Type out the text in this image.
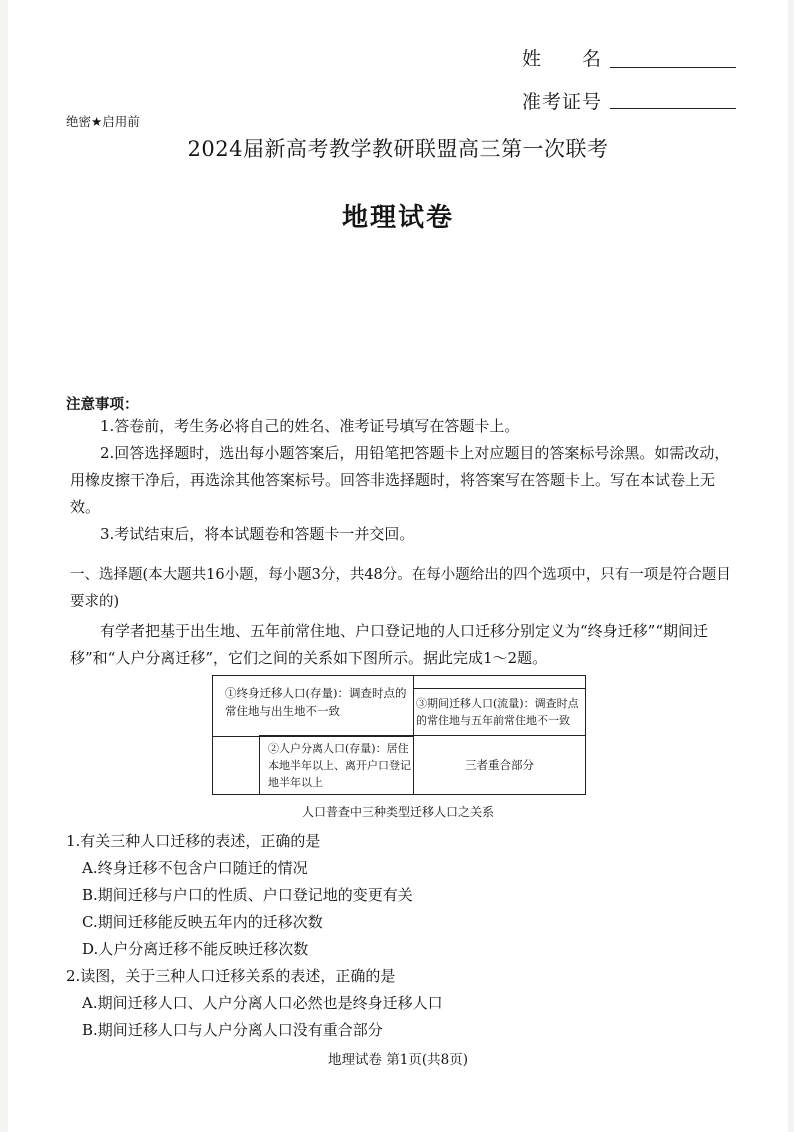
姓　　名
准考证号
绝密★启用前
2024届新高考教学教研联盟高三第一次联考
地理试卷
注意事项：
1.答卷前，考生务必将自己的姓名、准考证号填写在答题卡上。
2.回答选择题时，选出每小题答案后，用铅笔把答题卡上对应题目的答案标号涂黑。如需改动，用橡皮擦干净后，再选涂其他答案标号。回答非选择题时，将答案写在答题卡上。写在本试卷上无效。
3.考试结束后，将本试题卷和答题卡一并交回。
一、选择题(本大题共16小题，每小题3分，共48分。在每小题给出的四个选项中，只有一项是符合题目要求的)
有学者把基于出生地、五年前常住地、户口登记地的人口迁移分别定义为“终身迁移”“期间迁移”和“人户分离迁移”，它们之间的关系如下图所示。据此完成1～2题。
①终身迁移人口(存量)：调查时点的常住地与出生地不一致
③期间迁移人口(流量)：调查时点的常住地与五年前常住地不一致
②人户分离人口(存量)：居住本地半年以上、离开户口登记地半年以上
三者重合部分
人口普查中三种类型迁移人口之关系
1.有关三种人口迁移的表述，正确的是
A.终身迁移不包含户口随迁的情况
B.期间迁移与户口的性质、户口登记地的变更有关
C.期间迁移能反映五年内的迁移次数
D.人户分离迁移不能反映迁移次数
2.读图，关于三种人口迁移关系的表述，正确的是
A.期间迁移人口、人户分离人口必然也是终身迁移人口
B.期间迁移人口与人户分离人口没有重合部分
地理试卷 第1页(共8页)
